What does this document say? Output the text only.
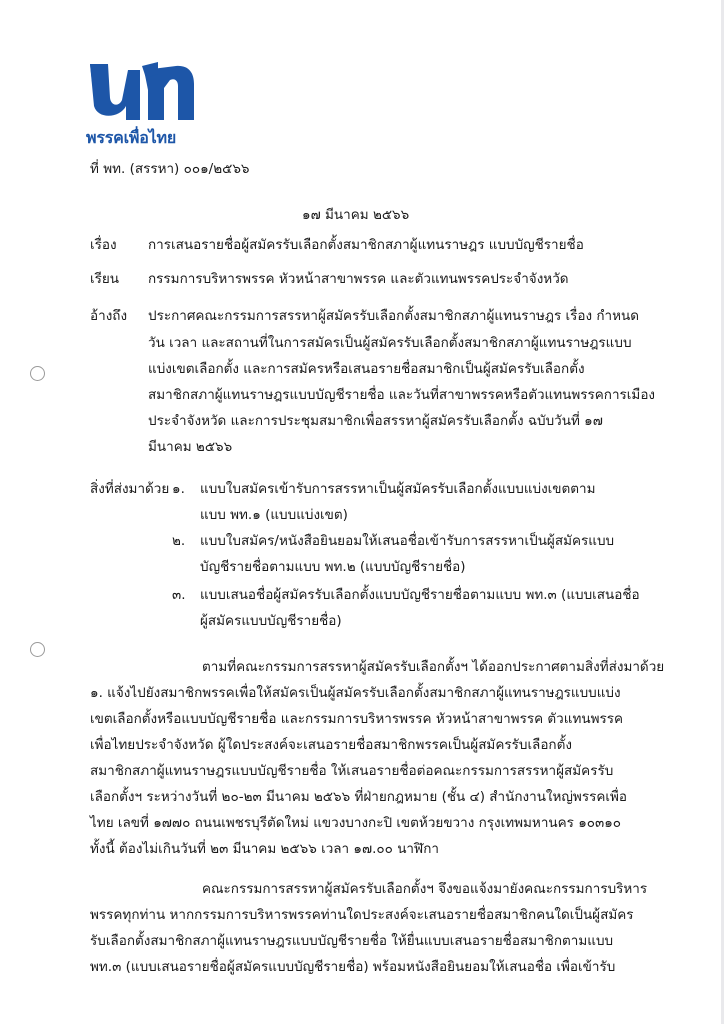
พรรคเพื่อไทย
ที่ พท. (สรรหา) ๐๐๑/๒๕๖๖
๑๗ มีนาคม ๒๕๖๖
เรื่อง การเสนอรายชื่อผู้สมัครรับเลือกตั้งสมาชิกสภาผู้แทนราษฎร แบบบัญชีรายชื่อ
เรียน กรรมการบริหารพรรค หัวหน้าสาขาพรรค และตัวแทนพรรคประจำจังหวัด
อ้างถึง ประกาศคณะกรรมการสรรหาผู้สมัครรับเลือกตั้งสมาชิกสภาผู้แทนราษฎร เรื่อง กำหนด
วัน เวลา และสถานที่ในการสมัครเป็นผู้สมัครรับเลือกตั้งสมาชิกสภาผู้แทนราษฎรแบบ
แบ่งเขตเลือกตั้ง และการสมัครหรือเสนอรายชื่อสมาชิกเป็นผู้สมัครรับเลือกตั้ง
สมาชิกสภาผู้แทนราษฎรแบบบัญชีรายชื่อ และวันที่สาขาพรรคหรือตัวแทนพรรคการเมือง
ประจำจังหวัด และการประชุมสมาชิกเพื่อสรรหาผู้สมัครรับเลือกตั้ง ฉบับวันที่ ๑๗
มีนาคม ๒๕๖๖
สิ่งที่ส่งมาด้วย ๑. แบบใบสมัครเข้ารับการสรรหาเป็นผู้สมัครรับเลือกตั้งแบบแบ่งเขตตาม
แบบ พท.๑ (แบบแบ่งเขต)
๒. แบบใบสมัคร/หนังสือยินยอมให้เสนอชื่อเข้ารับการสรรหาเป็นผู้สมัครแบบ
บัญชีรายชื่อตามแบบ พท.๒ (แบบบัญชีรายชื่อ)
๓. แบบเสนอชื่อผู้สมัครรับเลือกตั้งแบบบัญชีรายชื่อตามแบบ พท.๓ (แบบเสนอชื่อ
ผู้สมัครแบบบัญชีรายชื่อ)
ตามที่คณะกรรมการสรรหาผู้สมัครรับเลือกตั้งฯ ได้ออกประกาศตามสิ่งที่ส่งมาด้วย
๑. แจ้งไปยังสมาชิกพรรคเพื่อให้สมัครเป็นผู้สมัครรับเลือกตั้งสมาชิกสภาผู้แทนราษฎรแบบแบ่ง
เขตเลือกตั้งหรือแบบบัญชีรายชื่อ และกรรมการบริหารพรรค หัวหน้าสาขาพรรค ตัวแทนพรรค
เพื่อไทยประจำจังหวัด ผู้ใดประสงค์จะเสนอรายชื่อสมาชิกพรรคเป็นผู้สมัครรับเลือกตั้ง
สมาชิกสภาผู้แทนราษฎรแบบบัญชีรายชื่อ ให้เสนอรายชื่อต่อคณะกรรมการสรรหาผู้สมัครรับ
เลือกตั้งฯ ระหว่างวันที่ ๒๐-๒๓ มีนาคม ๒๕๖๖ ที่ฝ่ายกฎหมาย (ชั้น ๔) สำนักงานใหญ่พรรคเพื่อ
ไทย เลขที่ ๑๗๗๐ ถนนเพชรบุรีตัดใหม่ แขวงบางกะปิ เขตห้วยขวาง กรุงเทพมหานคร ๑๐๓๑๐
ทั้งนี้ ต้องไม่เกินวันที่ ๒๓ มีนาคม ๒๕๖๖ เวลา ๑๗.๐๐ นาฬิกา
คณะกรรมการสรรหาผู้สมัครรับเลือกตั้งฯ จึงขอแจ้งมายังคณะกรรมการบริหาร
พรรคทุกท่าน หากกรรมการบริหารพรรคท่านใดประสงค์จะเสนอรายชื่อสมาชิกคนใดเป็นผู้สมัคร
รับเลือกตั้งสมาชิกสภาผู้แทนราษฎรแบบบัญชีรายชื่อ ให้ยื่นแบบเสนอรายชื่อสมาชิกตามแบบ
พท.๓ (แบบเสนอรายชื่อผู้สมัครแบบบัญชีรายชื่อ) พร้อมหนังสือยินยอมให้เสนอชื่อ เพื่อเข้ารับ
